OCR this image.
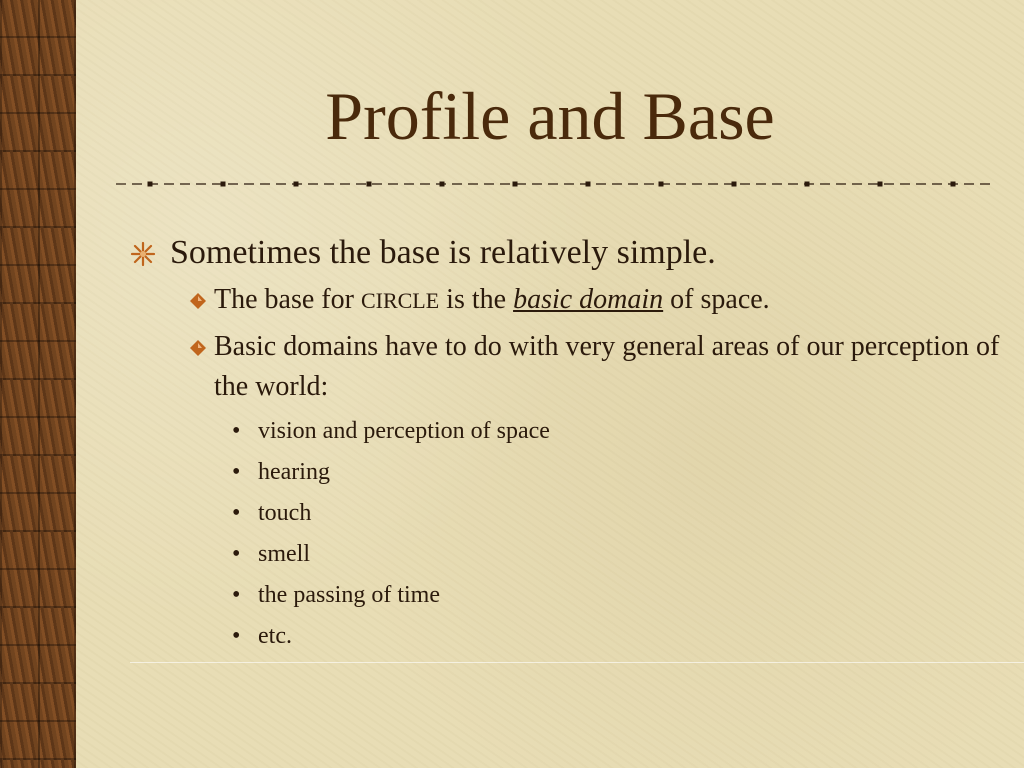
Profile and Base
Sometimes the base is relatively simple.
The base for CIRCLE is the basic domain of space.
Basic domains have to do with very general areas of our perception of the world:
• vision and perception of space
• hearing
• touch
• smell
• the passing of time
• etc.
